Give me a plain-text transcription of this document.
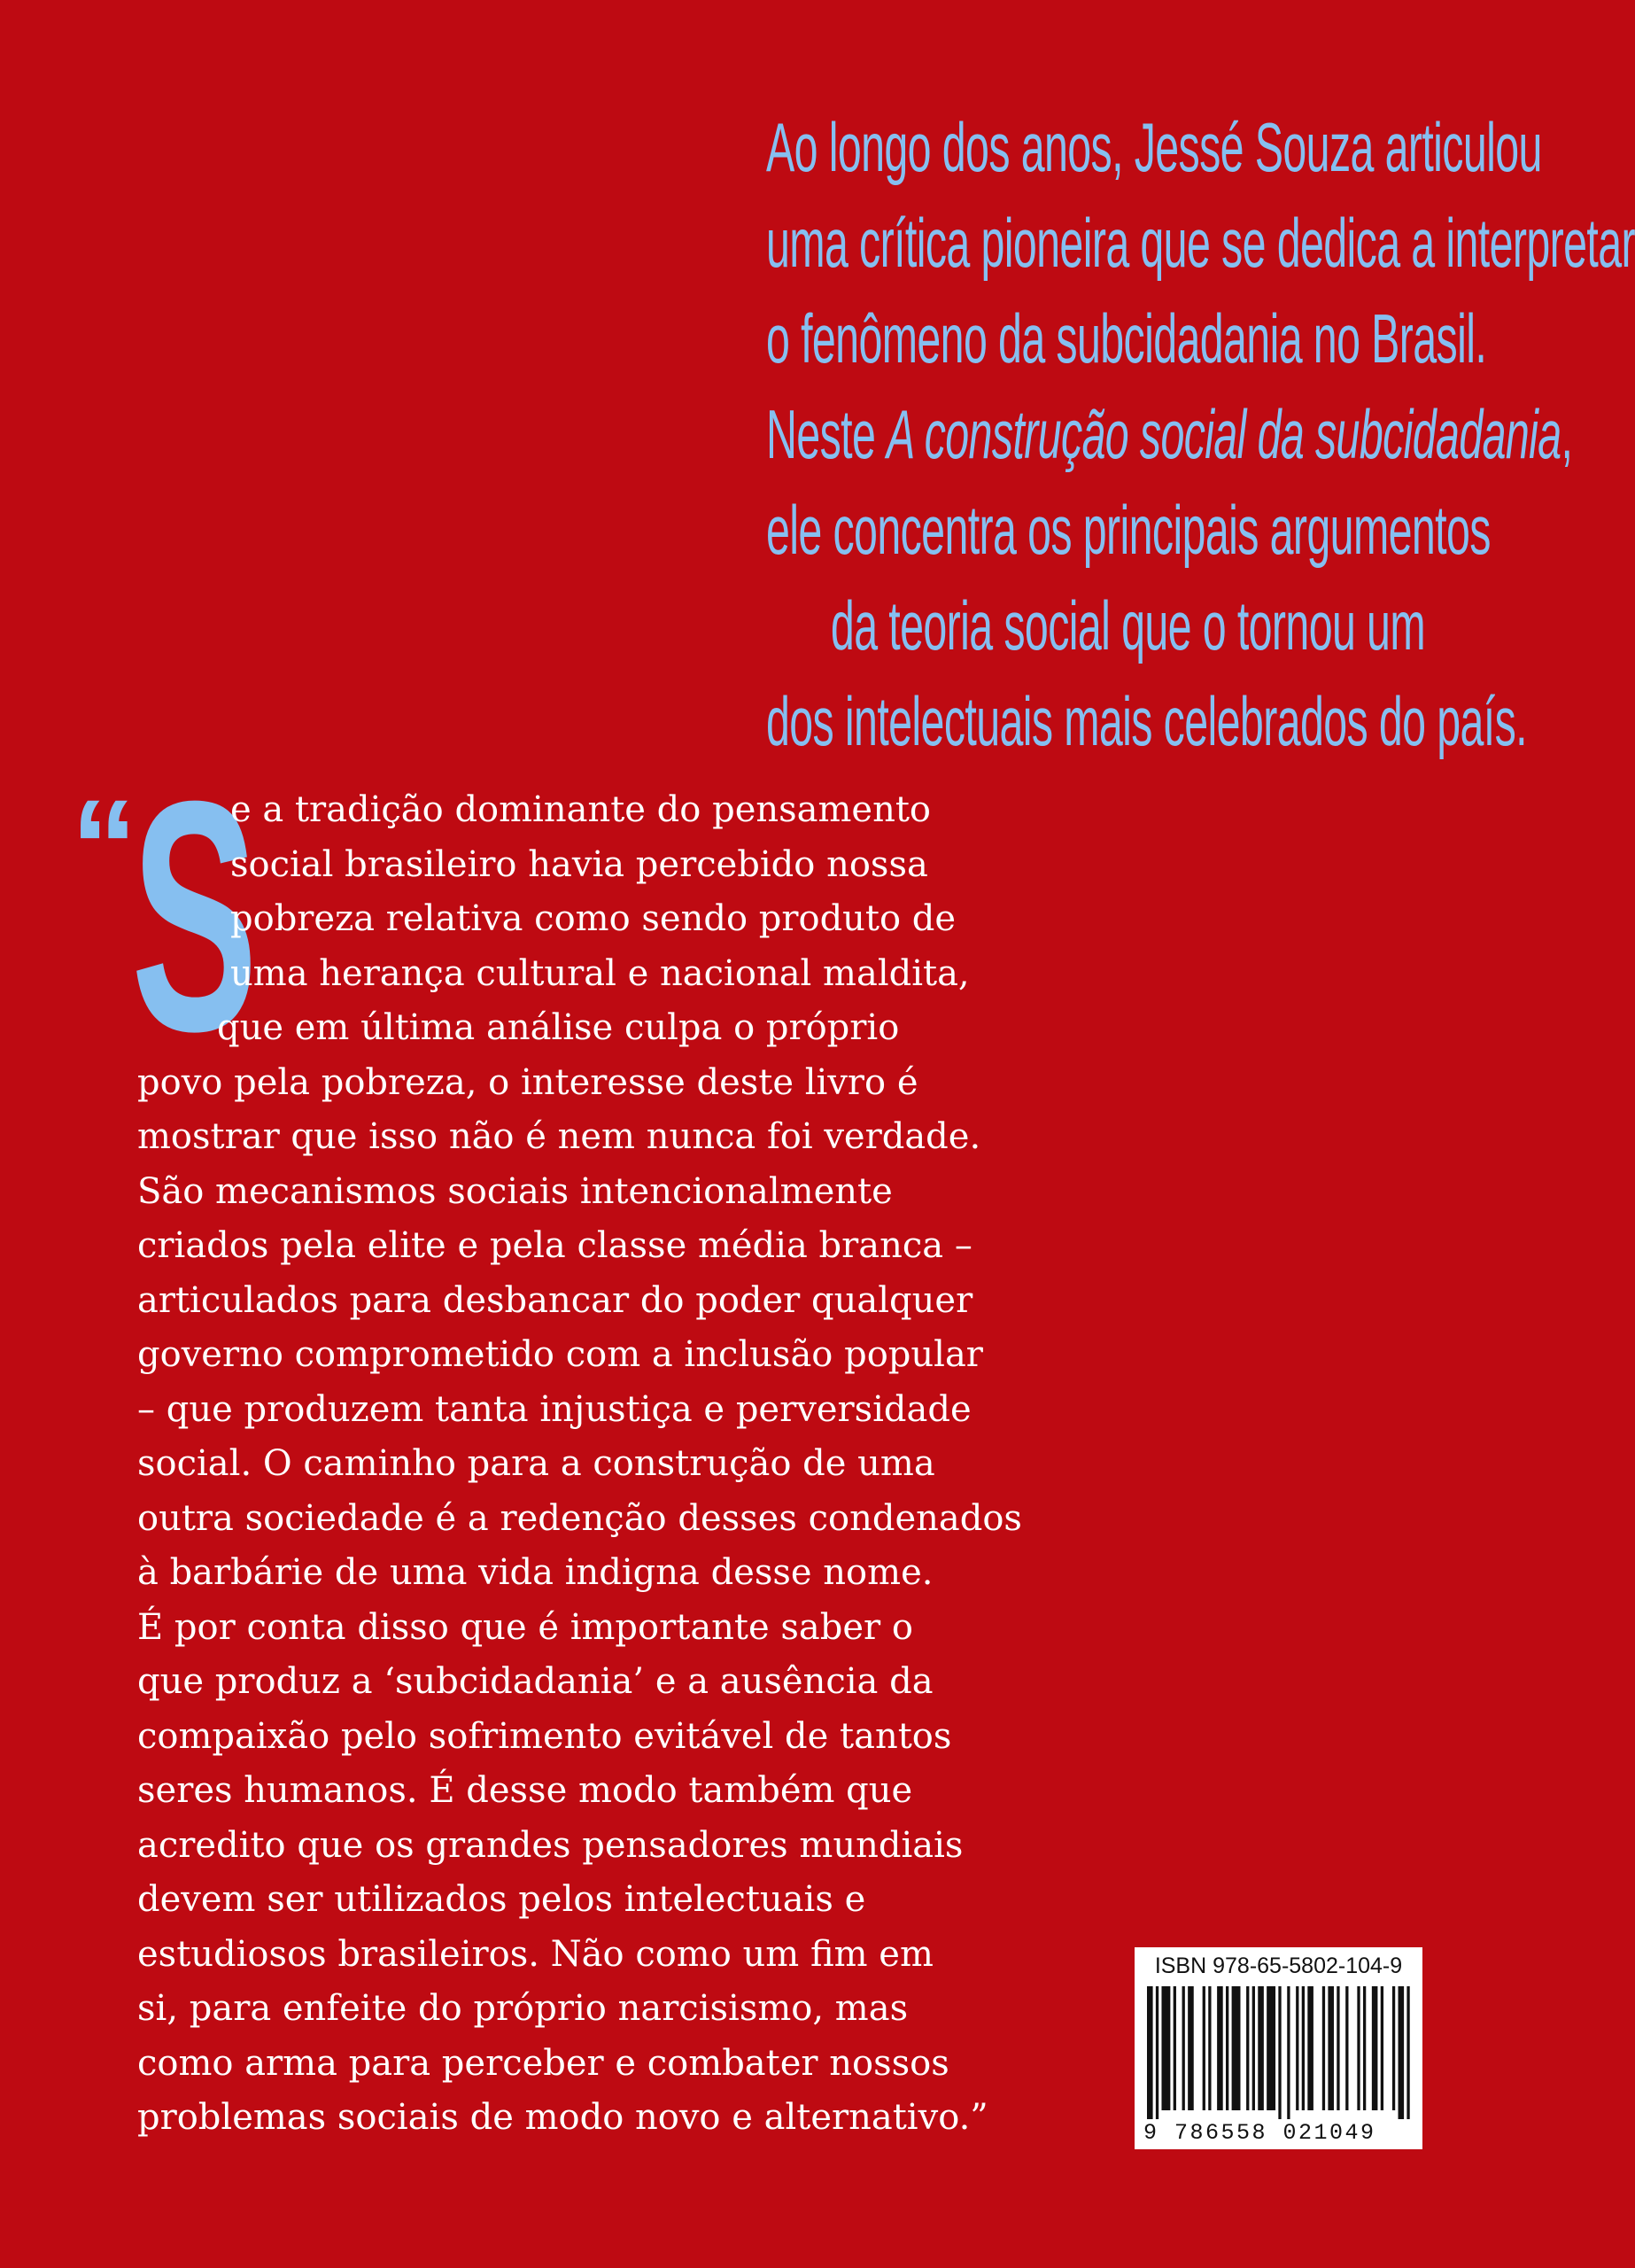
Ao longo dos anos, Jessé Souza articulou
uma crítica pioneira que se dedica a interpretar
o fenômeno da subcidadania no Brasil.
Neste A construção social da subcidadania,
ele concentra os principais argumentos
da teoria social que o tornou um
dos intelectuais mais celebrados do país.
“
S
e a tradição dominante do pensamento
social brasileiro havia percebido nossa
pobreza relativa como sendo produto de
uma herança cultural e nacional maldita,
que em última análise culpa o próprio
povo pela pobreza, o interesse deste livro é
mostrar que isso não é nem nunca foi verdade.
São mecanismos sociais intencionalmente
criados pela elite e pela classe média branca –
articulados para desbancar do poder qualquer
governo comprometido com a inclusão popular
– que produzem tanta injustiça e perversidade
social. O caminho para a construção de uma
outra sociedade é a redenção desses condenados
à barbárie de uma vida indigna desse nome.
É por conta disso que é importante saber o
que produz a ‘subcidadania’ e a ausência da
compaixão pelo sofrimento evitável de tantos
seres humanos. É desse modo também que
acredito que os grandes pensadores mundiais
devem ser utilizados pelos intelectuais e
estudiosos brasileiros. Não como um fim em
si, para enfeite do próprio narcisismo, mas
como arma para perceber e combater nossos
problemas sociais de modo novo e alternativo.”
ISBN 978-65-5802-104-9
9 786558 021049
